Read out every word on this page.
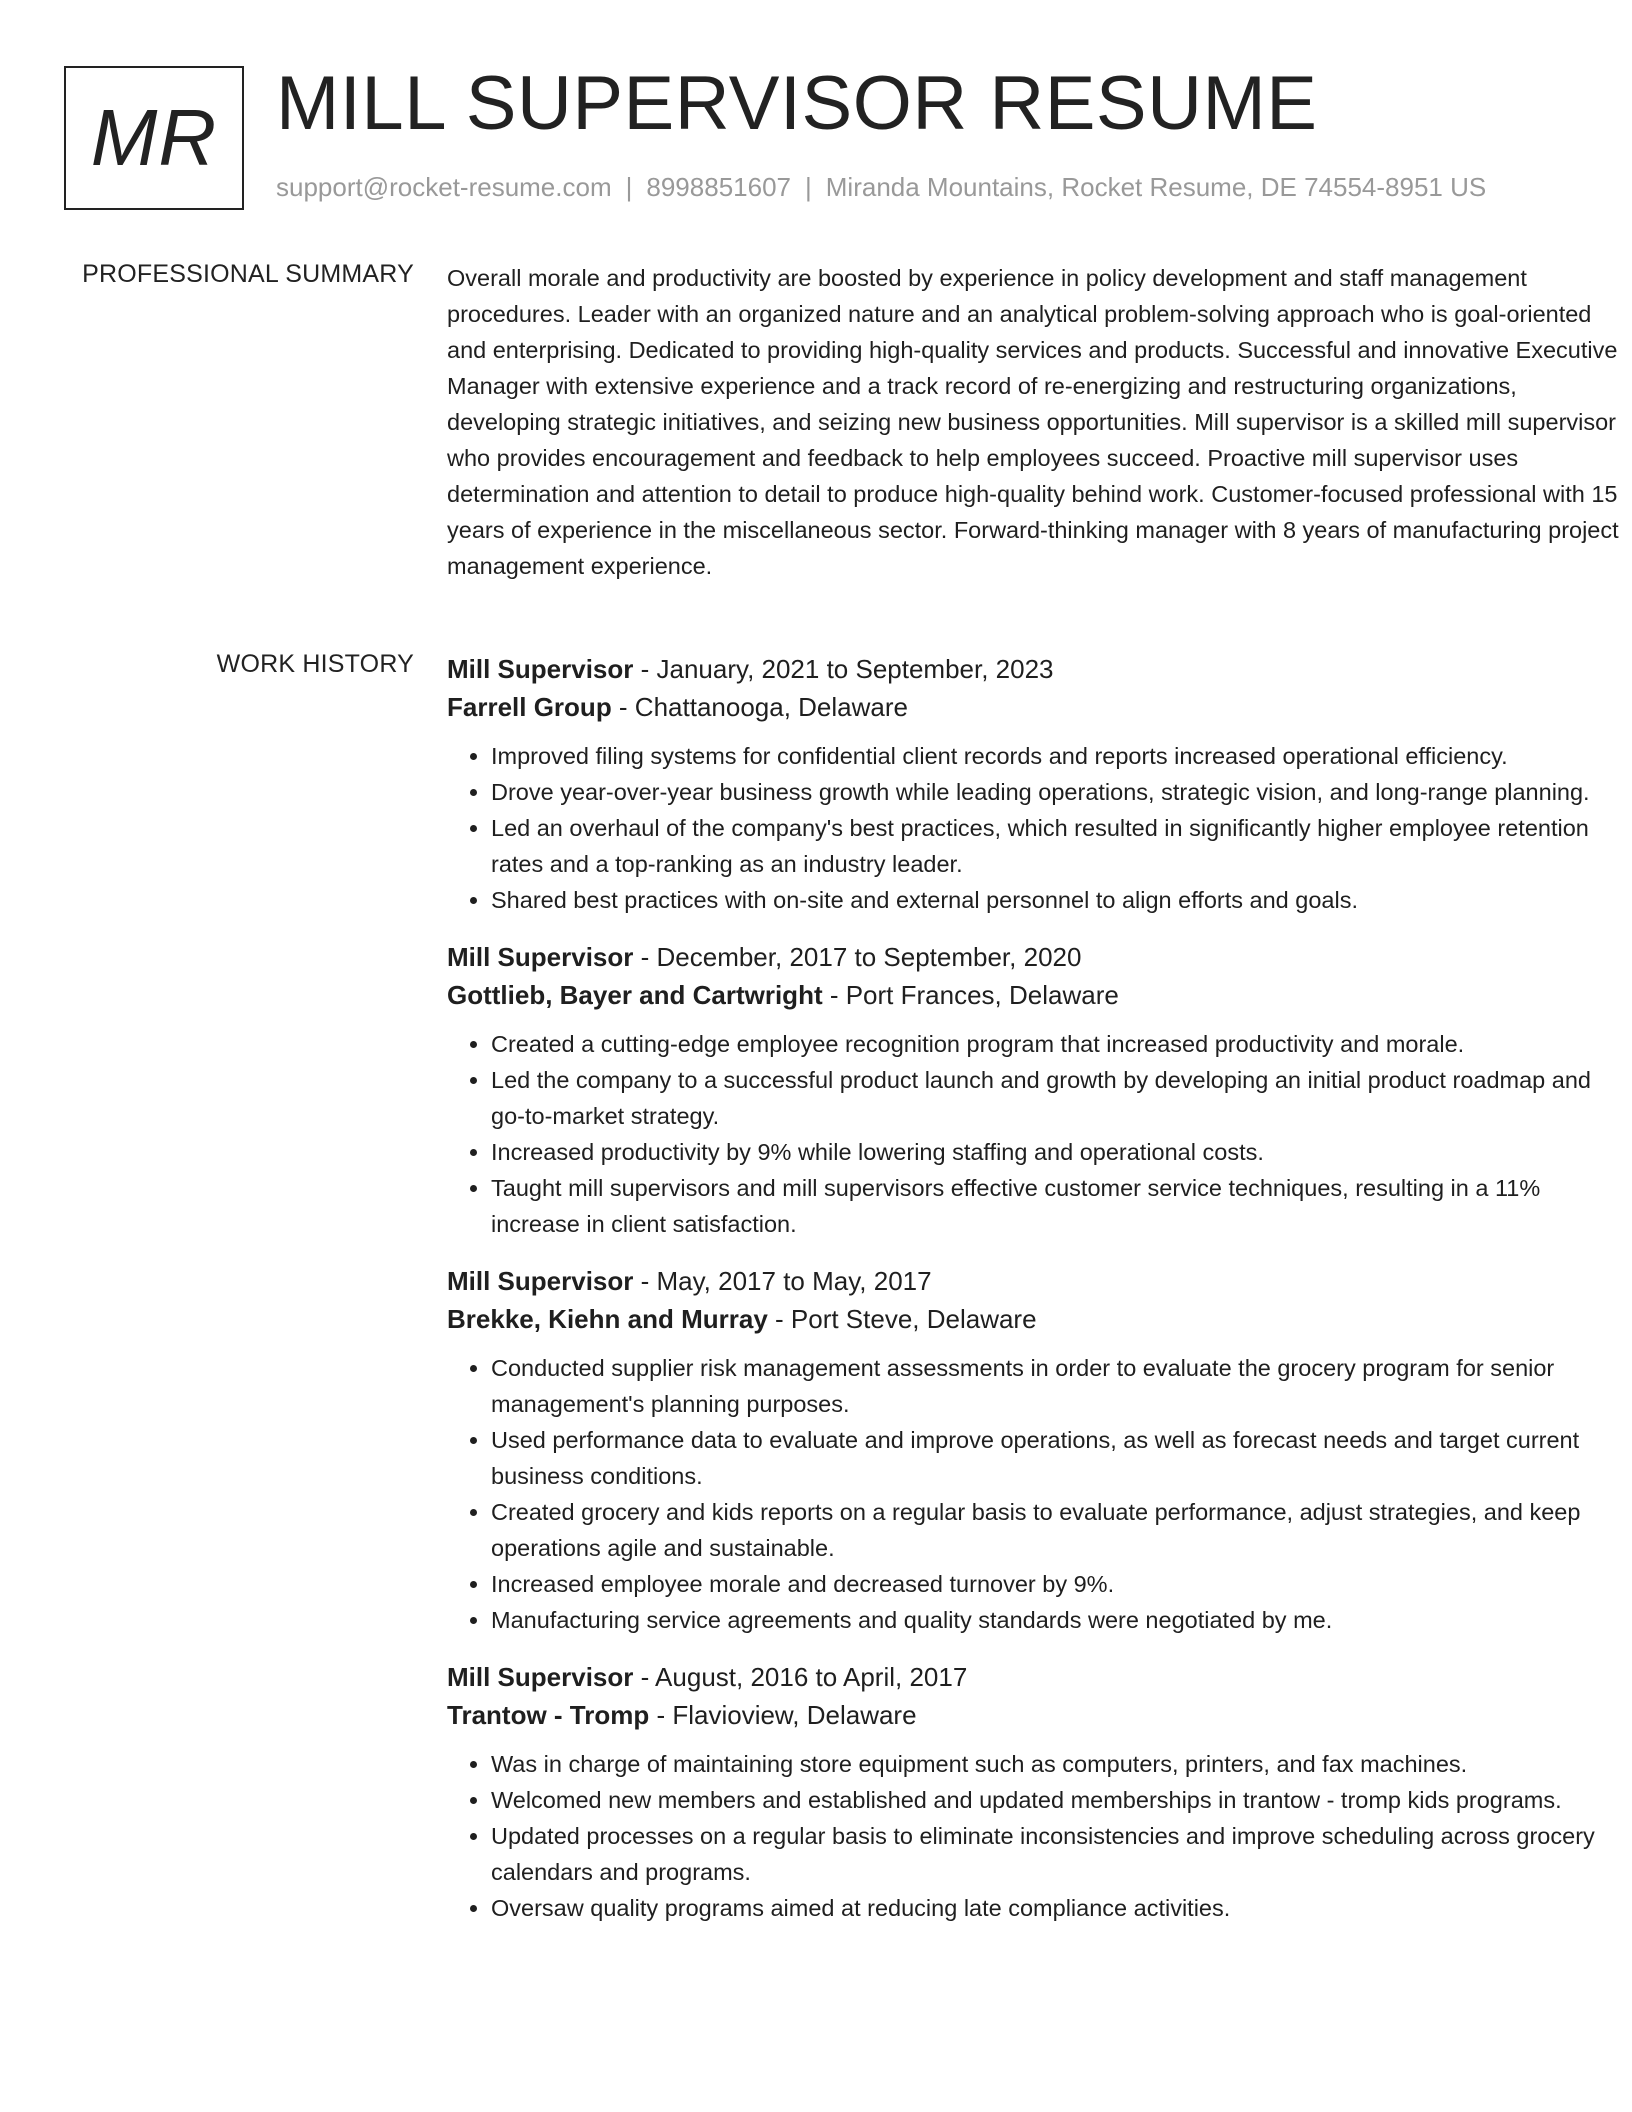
MR MILL SUPERVISOR RESUME
support@rocket-resume.com | 8998851607 | Miranda Mountains, Rocket Resume, DE 74554-8951 US
PROFESSIONAL SUMMARY Overall morale and productivity are boosted by experience in policy development and staff management procedures. Leader with an organized nature and an analytical problem-solving approach who is goal-oriented and enterprising. Dedicated to providing high-quality services and products. Successful and innovative Executive Manager with extensive experience and a track record of re-energizing and restructuring organizations, developing strategic initiatives, and seizing new business opportunities. Mill supervisor is a skilled mill supervisor who provides encouragement and feedback to help employees succeed. Proactive mill supervisor uses determination and attention to detail to produce high-quality behind work. Customer-focused professional with 15 years of experience in the miscellaneous sector. Forward-thinking manager with 8 years of manufacturing project management experience.

WORK HISTORY Mill Supervisor - January, 2021 to September, 2023
Farrell Group - Chattanooga, Delaware
• Improved filing systems for confidential client records and reports increased operational efficiency.
• Drove year-over-year business growth while leading operations, strategic vision, and long-range planning.
• Led an overhaul of the company's best practices, which resulted in significantly higher employee retention rates and a top-ranking as an industry leader.
• Shared best practices with on-site and external personnel to align efforts and goals.
Mill Supervisor - December, 2017 to September, 2020
Gottlieb, Bayer and Cartwright - Port Frances, Delaware
• Created a cutting-edge employee recognition program that increased productivity and morale.
• Led the company to a successful product launch and growth by developing an initial product roadmap and go-to-market strategy.
• Increased productivity by 9% while lowering staffing and operational costs.
• Taught mill supervisors and mill supervisors effective customer service techniques, resulting in a 11% increase in client satisfaction.
Mill Supervisor - May, 2017 to May, 2017
Brekke, Kiehn and Murray - Port Steve, Delaware
• Conducted supplier risk management assessments in order to evaluate the grocery program for senior management's planning purposes.
• Used performance data to evaluate and improve operations, as well as forecast needs and target current business conditions.
• Created grocery and kids reports on a regular basis to evaluate performance, adjust strategies, and keep operations agile and sustainable.
• Increased employee morale and decreased turnover by 9%.
• Manufacturing service agreements and quality standards were negotiated by me.
Mill Supervisor - August, 2016 to April, 2017
Trantow - Tromp - Flavioview, Delaware
• Was in charge of maintaining store equipment such as computers, printers, and fax machines.
• Welcomed new members and established and updated memberships in trantow - tromp kids programs.
• Updated processes on a regular basis to eliminate inconsistencies and improve scheduling across grocery calendars and programs.
• Oversaw quality programs aimed at reducing late compliance activities.
